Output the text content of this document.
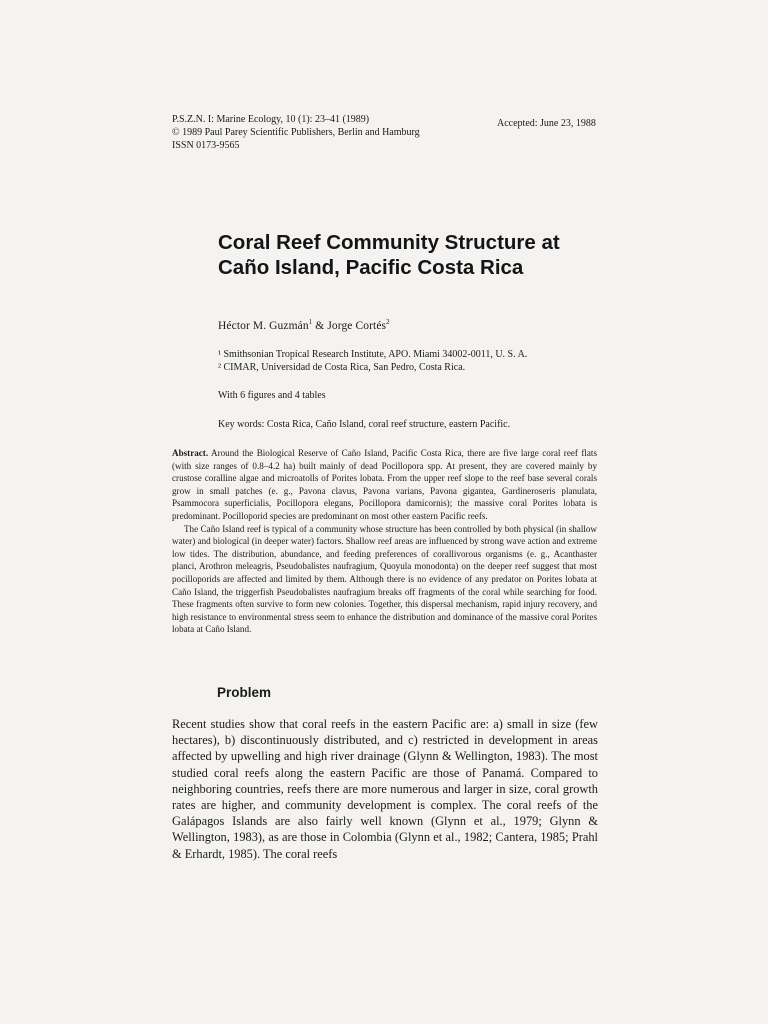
P.S.Z.N. I: Marine Ecology, 10 (1): 23–41 (1989)
© 1989 Paul Parey Scientific Publishers, Berlin and Hamburg
ISSN 0173-9565
Accepted: June 23, 1988
Coral Reef Community Structure at
Caño Island, Pacific Costa Rica
Héctor M. Guzmán$^1$ & Jorge Cortés$^2$
¹ Smithsonian Tropical Research Institute, APO. Miami 34002-0011, U. S. A.
² CIMAR, Universidad de Costa Rica, San Pedro, Costa Rica.
With 6 figures and 4 tables
Key words: Costa Rica, Caño Island, coral reef structure, eastern Pacific.

Abstract. Around the Biological Reserve of Caño Island, Pacific Costa Rica, there are five large coral reef flats (with size ranges of 0.8–4.2 ha) built mainly of dead Pocillopora spp. At present, they are covered mainly by crustose coralline algae and microatolls of Porites lobata. From the upper reef slope to the reef base several corals grow in small patches (e. g., Pavona clavus, Pavona varians, Pavona gigantea, Gardineroseris planulata, Psammocora superficialis, Pocillopora elegans, Pocillopora damicornis); the massive coral Porites lobata is predominant. Pocilloporid species are predominant on most other eastern Pacific reefs.

The Caño Island reef is typical of a community whose structure has been controlled by both physical (in shallow water) and biological (in deeper water) factors. Shallow reef areas are influenced by strong wave action and extreme low tides. The distribution, abundance, and feeding preferences of corallivorous organisms (e. g., Acanthaster planci, Arothron meleagris, Pseudobalistes naufragium, Quoyula monodonta) on the deeper reef suggest that most pocilloporids are affected and limited by them. Although there is no evidence of any predator on Porites lobata at Caño Island, the triggerfish Pseudobalistes naufragium breaks off fragments of the coral while searching for food. These fragments often survive to form new colonies. Together, this dispersal mechanism, rapid injury recovery, and high resistance to environmental stress seem to enhance the distribution and dominance of the massive coral Porites lobata at Caño Island.

Problem

Recent studies show that coral reefs in the eastern Pacific are: a) small in size (few hectares), b) discontinuously distributed, and c) restricted in development in areas affected by upwelling and high river drainage (Glynn & Wellington, 1983). The most studied coral reefs along the eastern Pacific are those of Panamá. Compared to neighboring countries, reefs there are more numerous and larger in size, coral growth rates are higher, and community development is complex. The coral reefs of the Galápagos Islands are also fairly well known (Glynn et al., 1979; Glynn & Wellington, 1983), as are those in Colombia (Glynn et al., 1982; Cantera, 1985; Prahl & Erhardt, 1985). The coral reefs
